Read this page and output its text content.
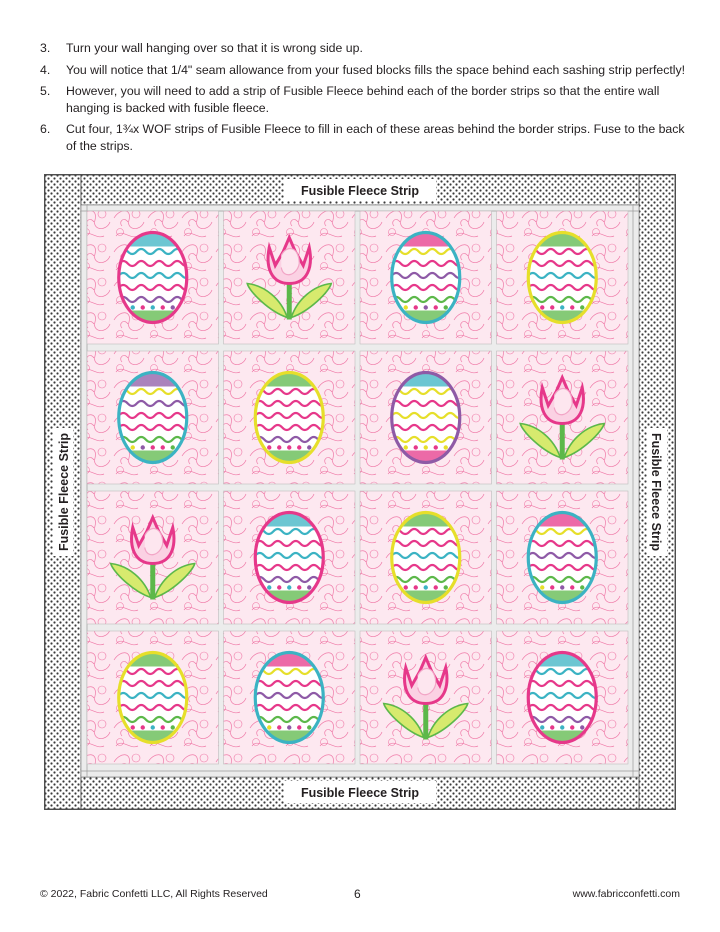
3. Turn your wall hanging over so that it is wrong side up.
4. You will notice that 1/4" seam allowance from your fused blocks fills the space behind each sashing strip perfectly!
5. However, you will need to add a strip of Fusible Fleece behind each of the border strips so that the entire wall hanging is backed with fusible fleece.
6. Cut four, 1¾x WOF strips of Fusible Fleece to fill in each of these areas behind the border strips. Fuse to the back of the strips.
Fusible Fleece Strip
Fusible Fleece Strip
Fusible Fleece Strip	Fusible Fleece Strip
© 2022, Fabric Confetti LLC, All Rights Reserved	6	www.fabricconfetti.com
